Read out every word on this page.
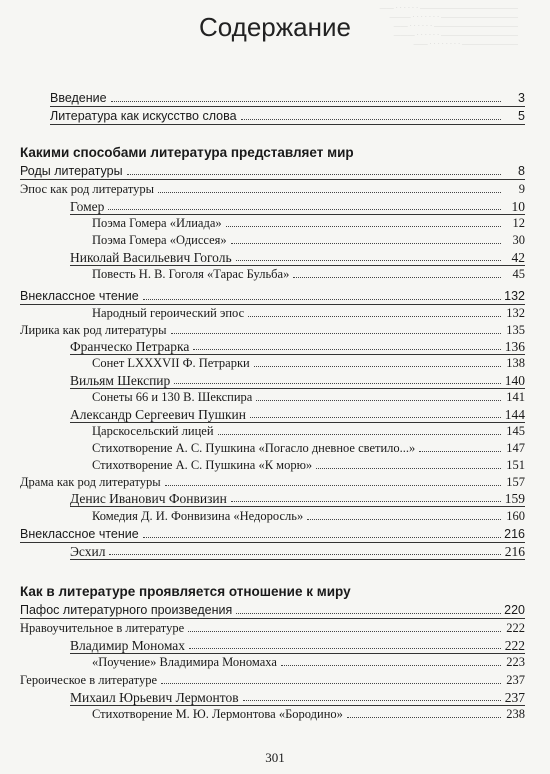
—————————————— · · · · · · ——
——————————— · · · · · · · ———
———————————— · · · · · · ——
——————————— · · · · · · ———
———————— · · · · · · · · ——
Содержание
Введение	3
Литература как искусство слова	5
Какими способами литература представляет мир
Роды литературы	8
Эпос как род литературы	9
Гомер	10
Поэма Гомера «Илиада»	12
Поэма Гомера «Одиссея»	30
Николай Васильевич Гоголь	42
Повесть Н. В. Гоголя «Тарас Бульба»	45
Внеклассное чтение	132
Народный героический эпос	132
Лирика как род литературы	135
Франческо Петрарка	136
Сонет LXXXVII Ф. Петрарки	138
Вильям Шекспир	140
Сонеты 66 и 130 В. Шекспира	141
Александр Сергеевич Пушкин	144
Царскосельский лицей	145
Стихотворение А. С. Пушкина «Погасло дневное светило...»	147
Стихотворение А. С. Пушкина «К морю»	151
Драма как род литературы	157
Денис Иванович Фонвизин	159
Комедия Д. И. Фонвизина «Недоросль»	160
Внеклассное чтение	216
Эсхил	216
Как в литературе проявляется отношение к миру
Пафос литературного произведения	220
Нравоучительное в литературе	222
Владимир Мономах	222
«Поучение» Владимира Мономаха	223
Героическое в литературе	237
Михаил Юрьевич Лермонтов	237
Стихотворение М. Ю. Лермонтова «Бородино»	238
301
